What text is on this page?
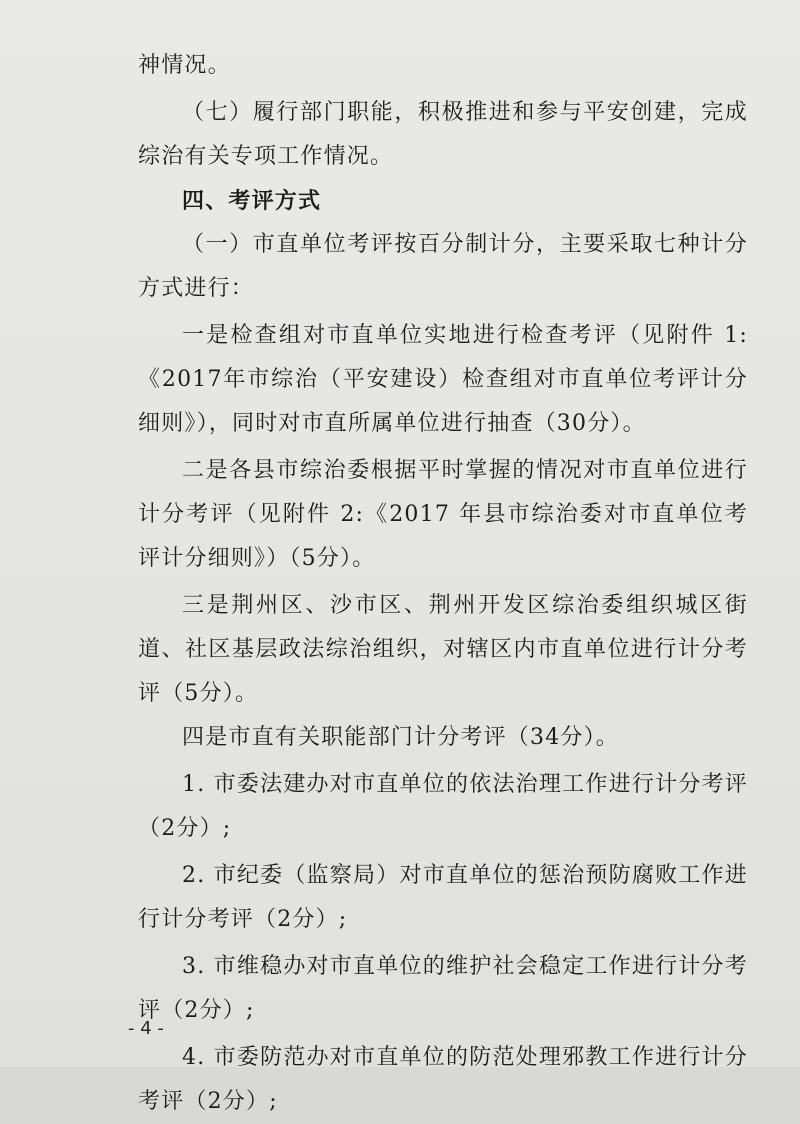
神情况。

（七）履行部门职能，积极推进和参与平安创建，完成综治有关专项工作情况。

四、考评方式

（一）市直单位考评按百分制计分，主要采取七种计分方式进行：

一是检查组对市直单位实地进行检查考评（见附件 1:《2017年市综治（平安建设）检查组对市直单位考评计分细则》），同时对市直所属单位进行抽查（30分）。

二是各县市综治委根据平时掌握的情况对市直单位进行计分考评（见附件 2:《2017 年县市综治委对市直单位考评计分细则》）（5分）。

三是荆州区、沙市区、荆州开发区综治委组织城区街道、社区基层政法综治组织，对辖区内市直单位进行计分考评（5分）。

四是市直有关职能部门计分考评（34分）。

1. 市委法建办对市直单位的依法治理工作进行计分考评（2分）;

2. 市纪委（监察局）对市直单位的惩治预防腐败工作进行计分考评（2分）;

3. 市维稳办对市直单位的维护社会稳定工作进行计分考评（2分）;

4. 市委防范办对市直单位的防范处理邪教工作进行计分考评（2分）;

- 4 -
